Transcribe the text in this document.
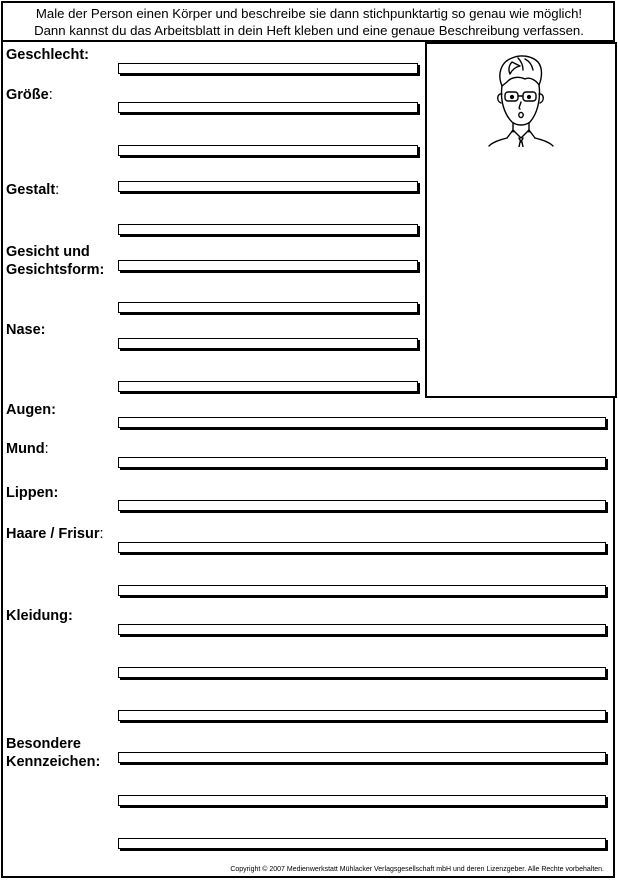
Male der Person einen Körper und beschreibe sie dann stichpunktartig so genau wie möglich!
Dann kannst du das Arbeitsblatt in dein Heft kleben und eine genaue Beschreibung verfassen.
Geschlecht:
Größe:
Gestalt:
Gesicht und
Gesichtsform:
Nase:
Augen:
Mund:
Lippen:
Haare / Frisur:
Kleidung:
Besondere
Kennzeichen:
Copyright © 2007 Medienwerkstatt Mühlacker Verlagsgesellschaft mbH und deren Lizenzgeber. Alle Rechte vorbehalten.
